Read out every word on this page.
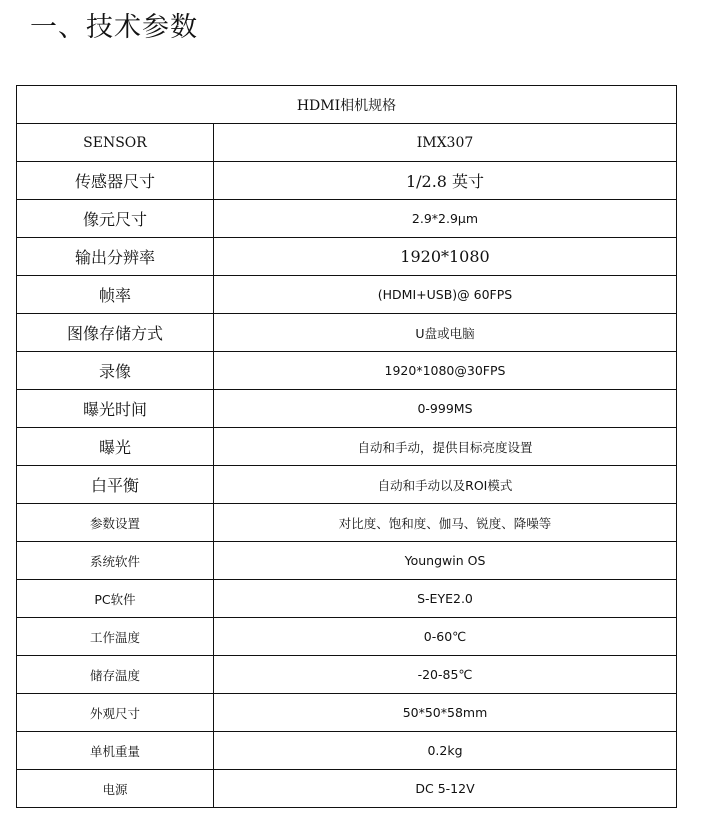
一、技术参数
HDMI相机规格	
SENSOR	IMX307
传感器尺寸	1/2.8 英寸
像元尺寸	2.9*2.9μm
输出分辨率	1920*1080
帧率	(HDMI+USB)@ 60FPS
图像存储方式	U盘或电脑
录像	1920*1080@30FPS
曝光时间	0-999MS
曝光	自动和手动，提供目标亮度设置
白平衡	自动和手动以及ROI模式
参数设置	对比度、饱和度、伽马、锐度、降噪等
系统软件	Youngwin OS
PC软件	S-EYE2.0
工作温度	0-60℃
储存温度	-20-85℃
外观尺寸	50*50*58mm
单机重量	0.2kg
电源	DC 5-12V
